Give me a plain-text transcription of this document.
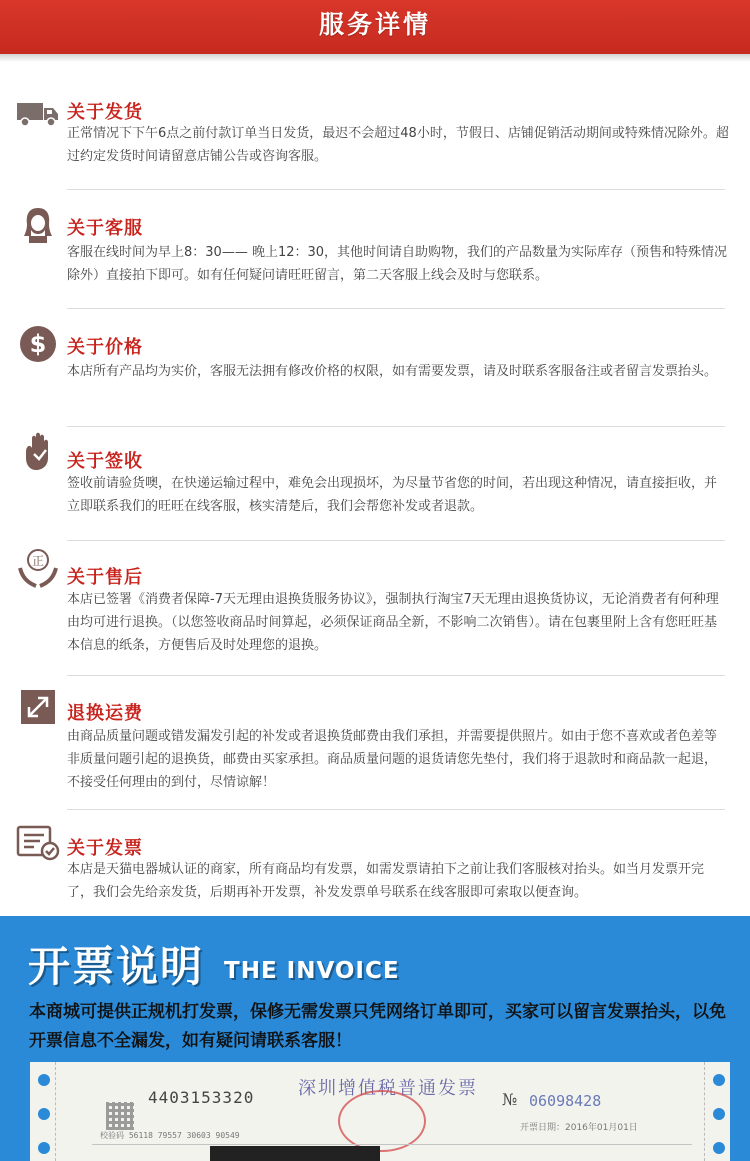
服务详情
关于发货
正常情况下下午6点之前付款订单当日发货，最迟不会超过48小时，节假日、店铺促销活动期间或特殊情况除外。超过约定发货时间请留意店铺公告或咨询客服。
关于客服
客服在线时间为早上8：30—— 晚上12：30，其他时间请自助购物，我们的产品数量为实际库存（预售和特殊情况除外）直接拍下即可。如有任何疑问请旺旺留言，第二天客服上线会及时与您联系。
$ 关于价格
本店所有产品均为实价，客服无法拥有修改价格的权限，如有需要发票，请及时联系客服备注或者留言发票抬头。
关于签收
签收前请验货噢，在快递运输过程中，难免会出现损坏，为尽量节省您的时间，若出现这种情况，请直接拒收，并立即联系我们的旺旺在线客服，核实清楚后，我们会帮您补发或者退款。
正
关于售后
本店已签署《消费者保障-7天无理由退换货服务协议》，强制执行淘宝7天无理由退换货协议，无论消费者有何种理由均可进行退换。（以您签收商品时间算起，必须保证商品全新，不影响二次销售）。请在包裹里附上含有您旺旺基本信息的纸条，方便售后及时处理您的退换。
退换运费
由商品质量问题或错发漏发引起的补发或者退换货邮费由我们承担，并需要提供照片。如由于您不喜欢或者色差等非质量问题引起的退换货，邮费由买家承担。商品质量问题的退货请您先垫付，我们将于退款时和商品款一起退，不接受任何理由的到付，尽情谅解！
关于发票
本店是天猫电器城认证的商家，所有商品均有发票，如需发票请拍下之前让我们客服核对抬头。如当月发票开完了，我们会先给亲发货，后期再补开发票，补发发票单号联系在线客服即可索取以便查询。
开票说明 THE INVOICE
本商城可提供正规机打发票，保修无需发票只凭网络订单即可，买家可以留言发票抬头，以免开票信息不全漏发，如有疑问请联系客服！
4403153320
校验码 56118 79557 30603 90549
深圳增值税普通发票
№ 06098428
开票日期：2016年01月01日
